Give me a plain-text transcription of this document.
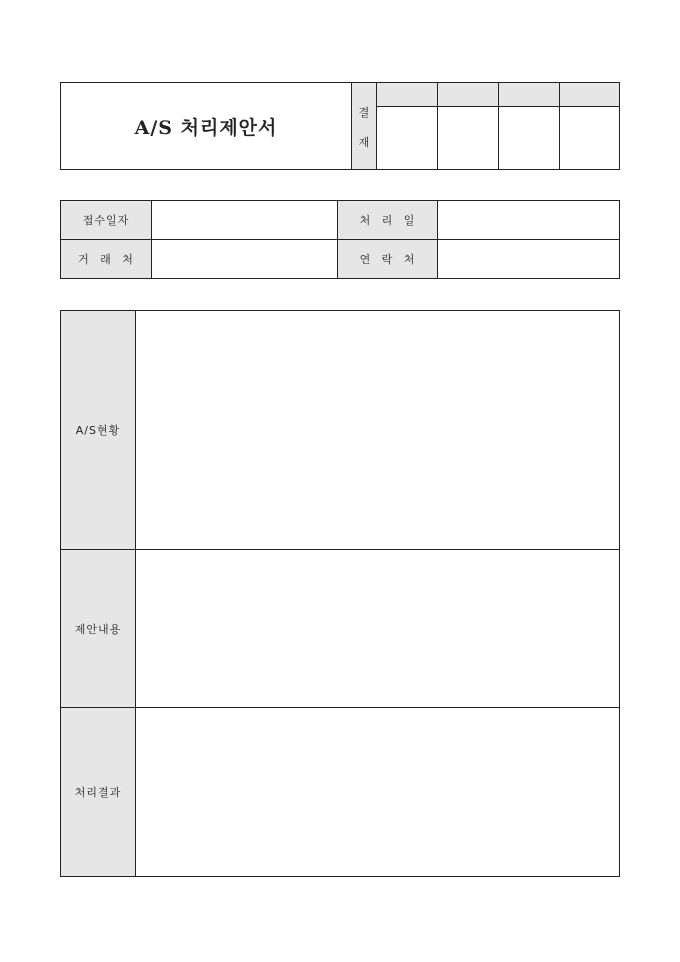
A/S 처리제안서
결
재
접수일자	처 리 일
거 래 처	연 락 처
A/S현황
제안내용
처리결과
